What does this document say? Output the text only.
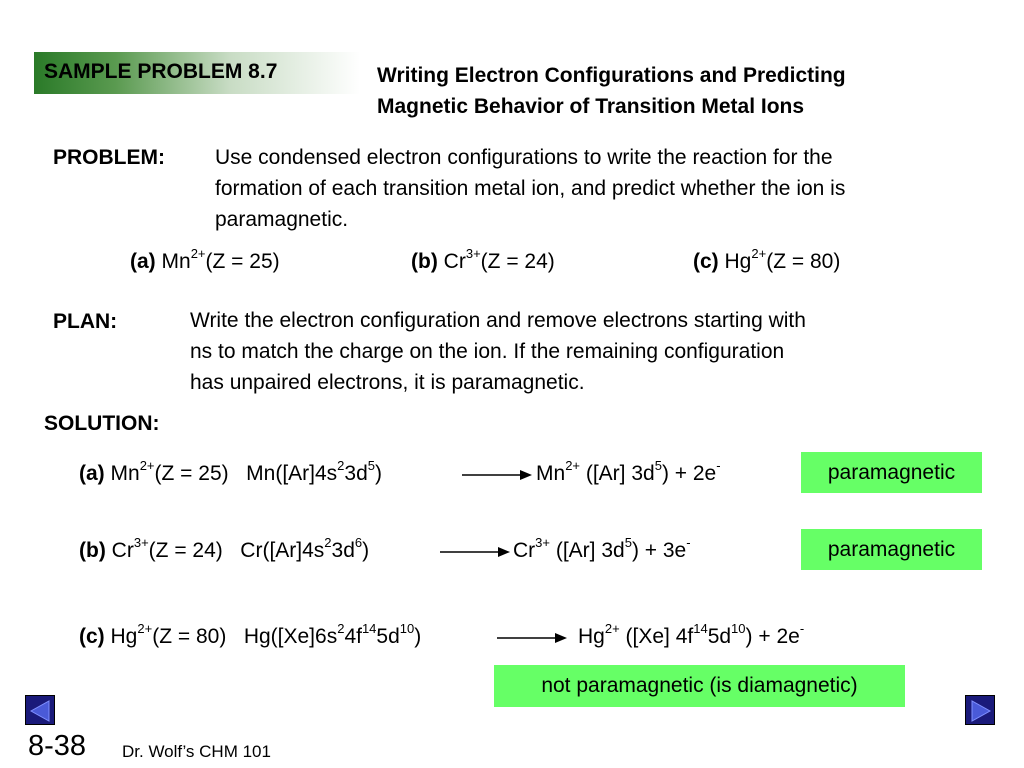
SAMPLE PROBLEM 8.7	Writing Electron Configurations and Predicting
Magnetic Behavior of Transition Metal Ions
PROBLEM: Use condensed electron configurations to write the reaction for the
formation of each transition metal ion, and predict whether the ion is
paramagnetic.
(a) $Mn^{2+}(Z = 25)$	(b) $Cr^{3+}(Z = 24)$	(c) $Hg^{2+}(Z = 80)$
PLAN:	Write the electron configuration and remove electrons starting with
ns to match the charge on the ion. If the remaining configuration
has unpaired electrons, it is paramagnetic.
SOLUTION:
(a) $Mn^{2+}(Z = 25)$ $Mn([Ar]4s^23d^5)$	$Mn^{2+}$ ([Ar] $3d^5) + 2e^-$	paramagnetic
(b) $Cr^{3+}(Z = 24)$ $Cr([Ar]4s^23d^6)$	$Cr^{3+}$ ([Ar] $3d^5) + 3e^-$	paramagnetic
(c) $Hg^{2+}(Z = 80)$ $Hg([Xe]6s^24f^{14}5d^{10})$	$Hg^{2+}$ ([Xe] $4f^{14}5d^{10}) + 2e^-$
not paramagnetic (is diamagnetic)
8-38 Dr. Wolf’s CHM 101
